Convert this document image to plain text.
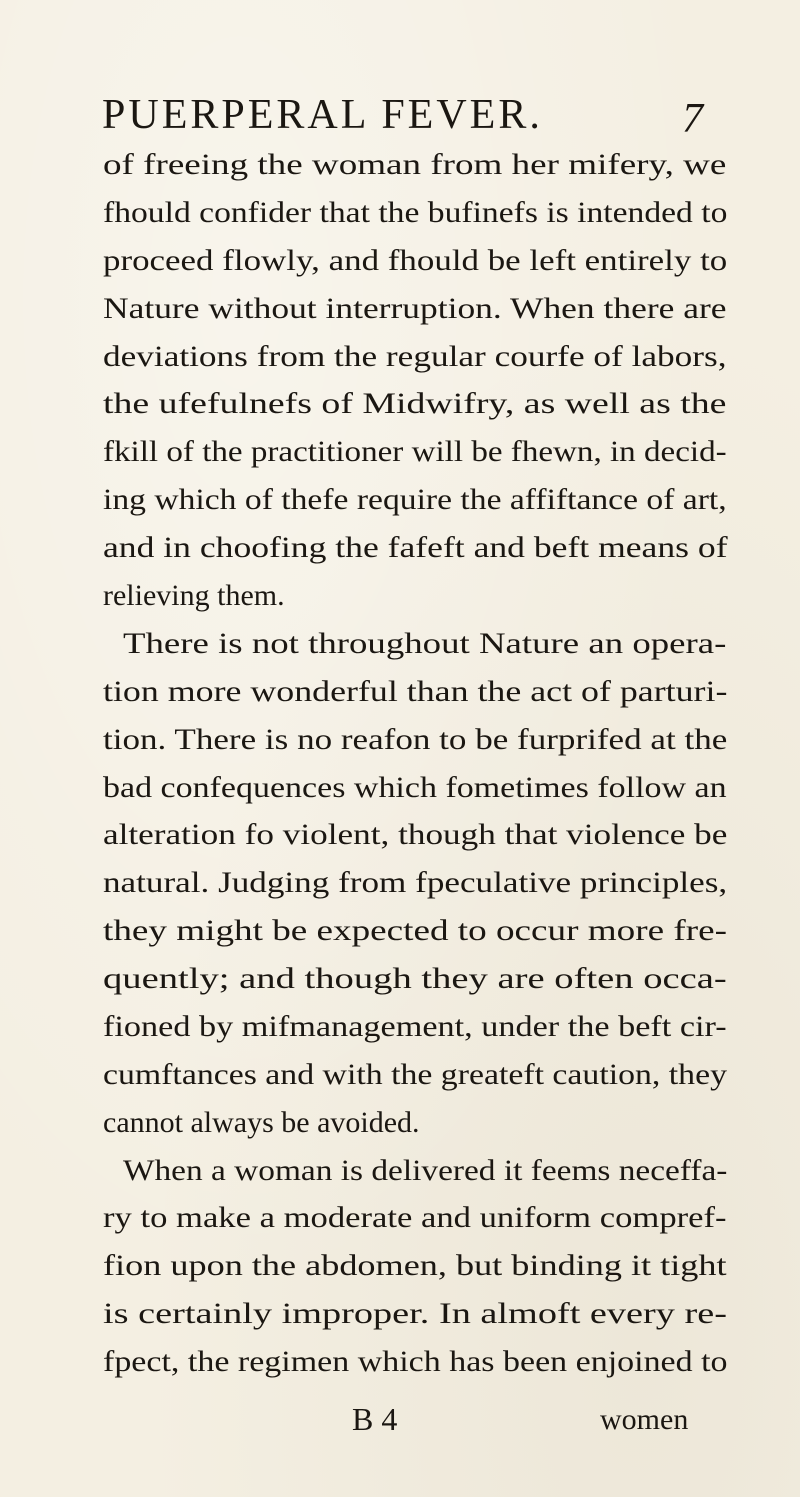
PUERPERAL FEVER.	7
of freeing the woman from her mifery, we
fhould confider that the bufinefs is intended to
proceed flowly, and fhould be left entirely to
Nature without interruption. When there are
deviations from the regular courfe of labors,
the ufefulnefs of Midwifry, as well as the
fkill of the practitioner will be fhewn, in decid-
ing which of thefe require the affiftance of art,
and in choofing the fafeft and beft means of
relieving them.
There is not throughout Nature an opera-
tion more wonderful than the act of parturi-
tion. There is no reafon to be furprifed at the
bad confequences which fometimes follow an
alteration fo violent, though that violence be
natural. Judging from fpeculative principles,
they might be expected to occur more fre-
quently; and though they are often occa-
fioned by mifmanagement, under the beft cir-
cumftances and with the greateft caution, they
cannot always be avoided.
When a woman is delivered it feems neceffa-
ry to make a moderate and uniform compref-
fion upon the abdomen, but binding it tight
is certainly improper. In almoft every re-
fpect, the regimen which has been enjoined to
B 4	women
